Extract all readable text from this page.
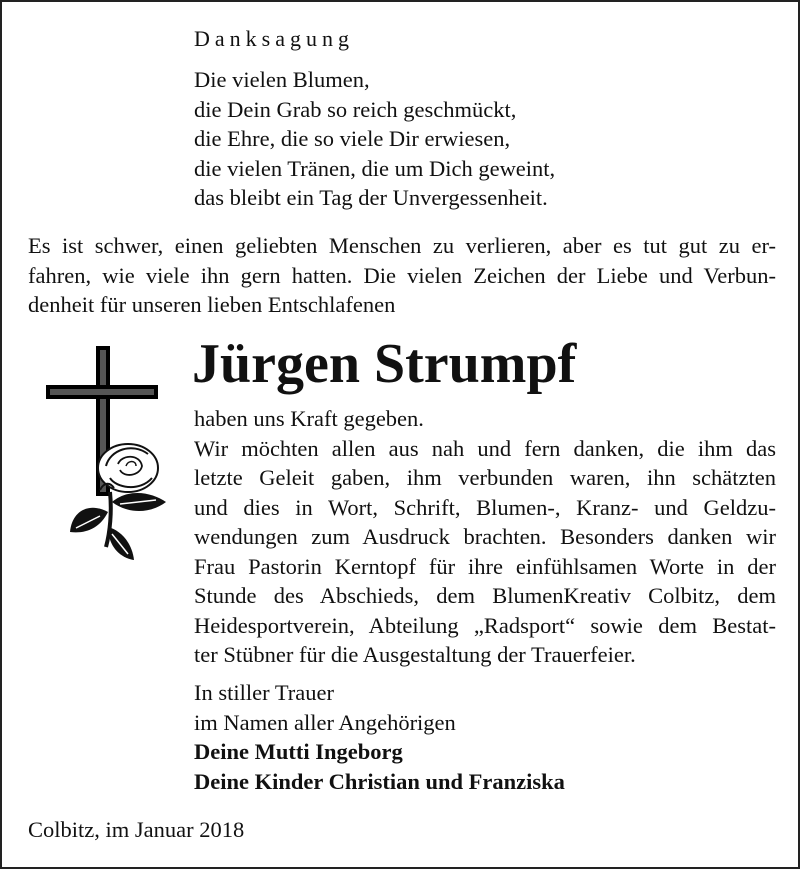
Danksagung
Die vielen Blumen,
die Dein Grab so reich geschmückt,
die Ehre, die so viele Dir erwiesen,
die vielen Tränen, die um Dich geweint,
das bleibt ein Tag der Unvergessenheit.
Es ist schwer, einen geliebten Menschen zu verlieren, aber es tut gut zu er-
fahren, wie viele ihn gern hatten. Die vielen Zeichen der Liebe und Verbun-
denheit für unseren lieben Entschlafenen
Jürgen Strumpf
haben uns Kraft gegeben.
Wir möchten allen aus nah und fern danken, die ihm das
letzte Geleit gaben, ihm verbunden waren, ihn schätzten
und dies in Wort, Schrift, Blumen-, Kranz- und Geldzu-
wendungen zum Ausdruck brachten. Besonders danken wir
Frau Pastorin Kerntopf für ihre einfühlsamen Worte in der
Stunde des Abschieds, dem BlumenKreativ Colbitz, dem
Heidesportverein, Abteilung „Radsport“ sowie dem Bestat-
ter Stübner für die Ausgestaltung der Trauerfeier.
In stiller Trauer
im Namen aller Angehörigen
Deine Mutti Ingeborg
Deine Kinder Christian und Franziska
Colbitz, im Januar 2018
